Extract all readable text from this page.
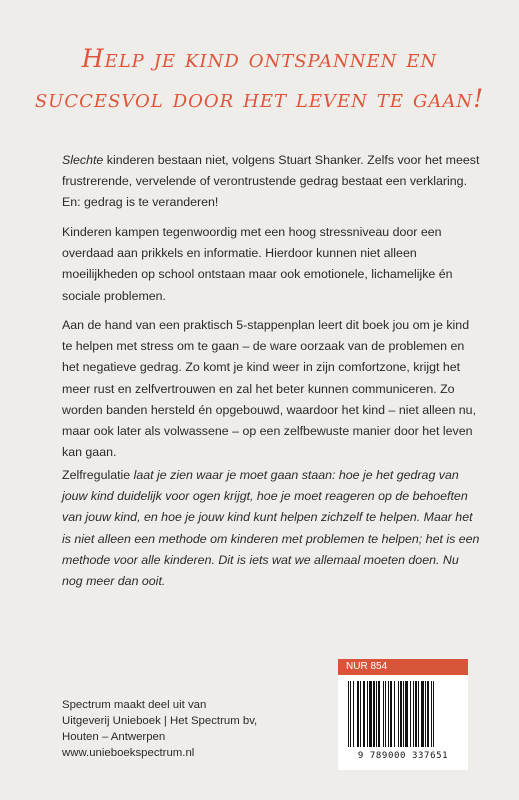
Help je kind ontspannen en
succesvol door het leven te gaan!

Slechte kinderen bestaan niet, volgens Stuart Shanker. Zelfs voor het meest frustrerende, vervelende of verontrustende gedrag bestaat een verklaring. En: gedrag is te veranderen!

Kinderen kampen tegenwoordig met een hoog stressniveau door een overdaad aan prikkels en informatie. Hierdoor kunnen niet alleen moeilijkheden op school ontstaan maar ook emotionele, lichamelijke én sociale problemen.

Aan de hand van een praktisch 5-stappenplan leert dit boek jou om je kind te helpen met stress om te gaan – de ware oorzaak van de problemen en het negatieve gedrag. Zo komt je kind weer in zijn comfortzone, krijgt het meer rust en zelfvertrouwen en zal het beter kunnen communiceren. Zo worden banden hersteld én opgebouwd, waardoor het kind – niet alleen nu, maar ook later als volwassene – op een zelfbewuste manier door het leven kan gaan.

Zelfregulatie laat je zien waar je moet gaan staan: hoe je het gedrag van jouw kind duidelijk voor ogen krijgt, hoe je moet reageren op de behoeften van jouw kind, en hoe je jouw kind kunt helpen zichzelf te helpen. Maar het is niet alleen een methode om kinderen met problemen te helpen; het is een methode voor alle kinderen. Dit is iets wat we allemaal moeten doen. Nu nog meer dan ooit.

NUR 854
9 789000 337651
Spectrum maakt deel uit van
Uitgeverij Unieboek | Het Spectrum bv,
Houten – Antwerpen
www.unieboekspectrum.nl
